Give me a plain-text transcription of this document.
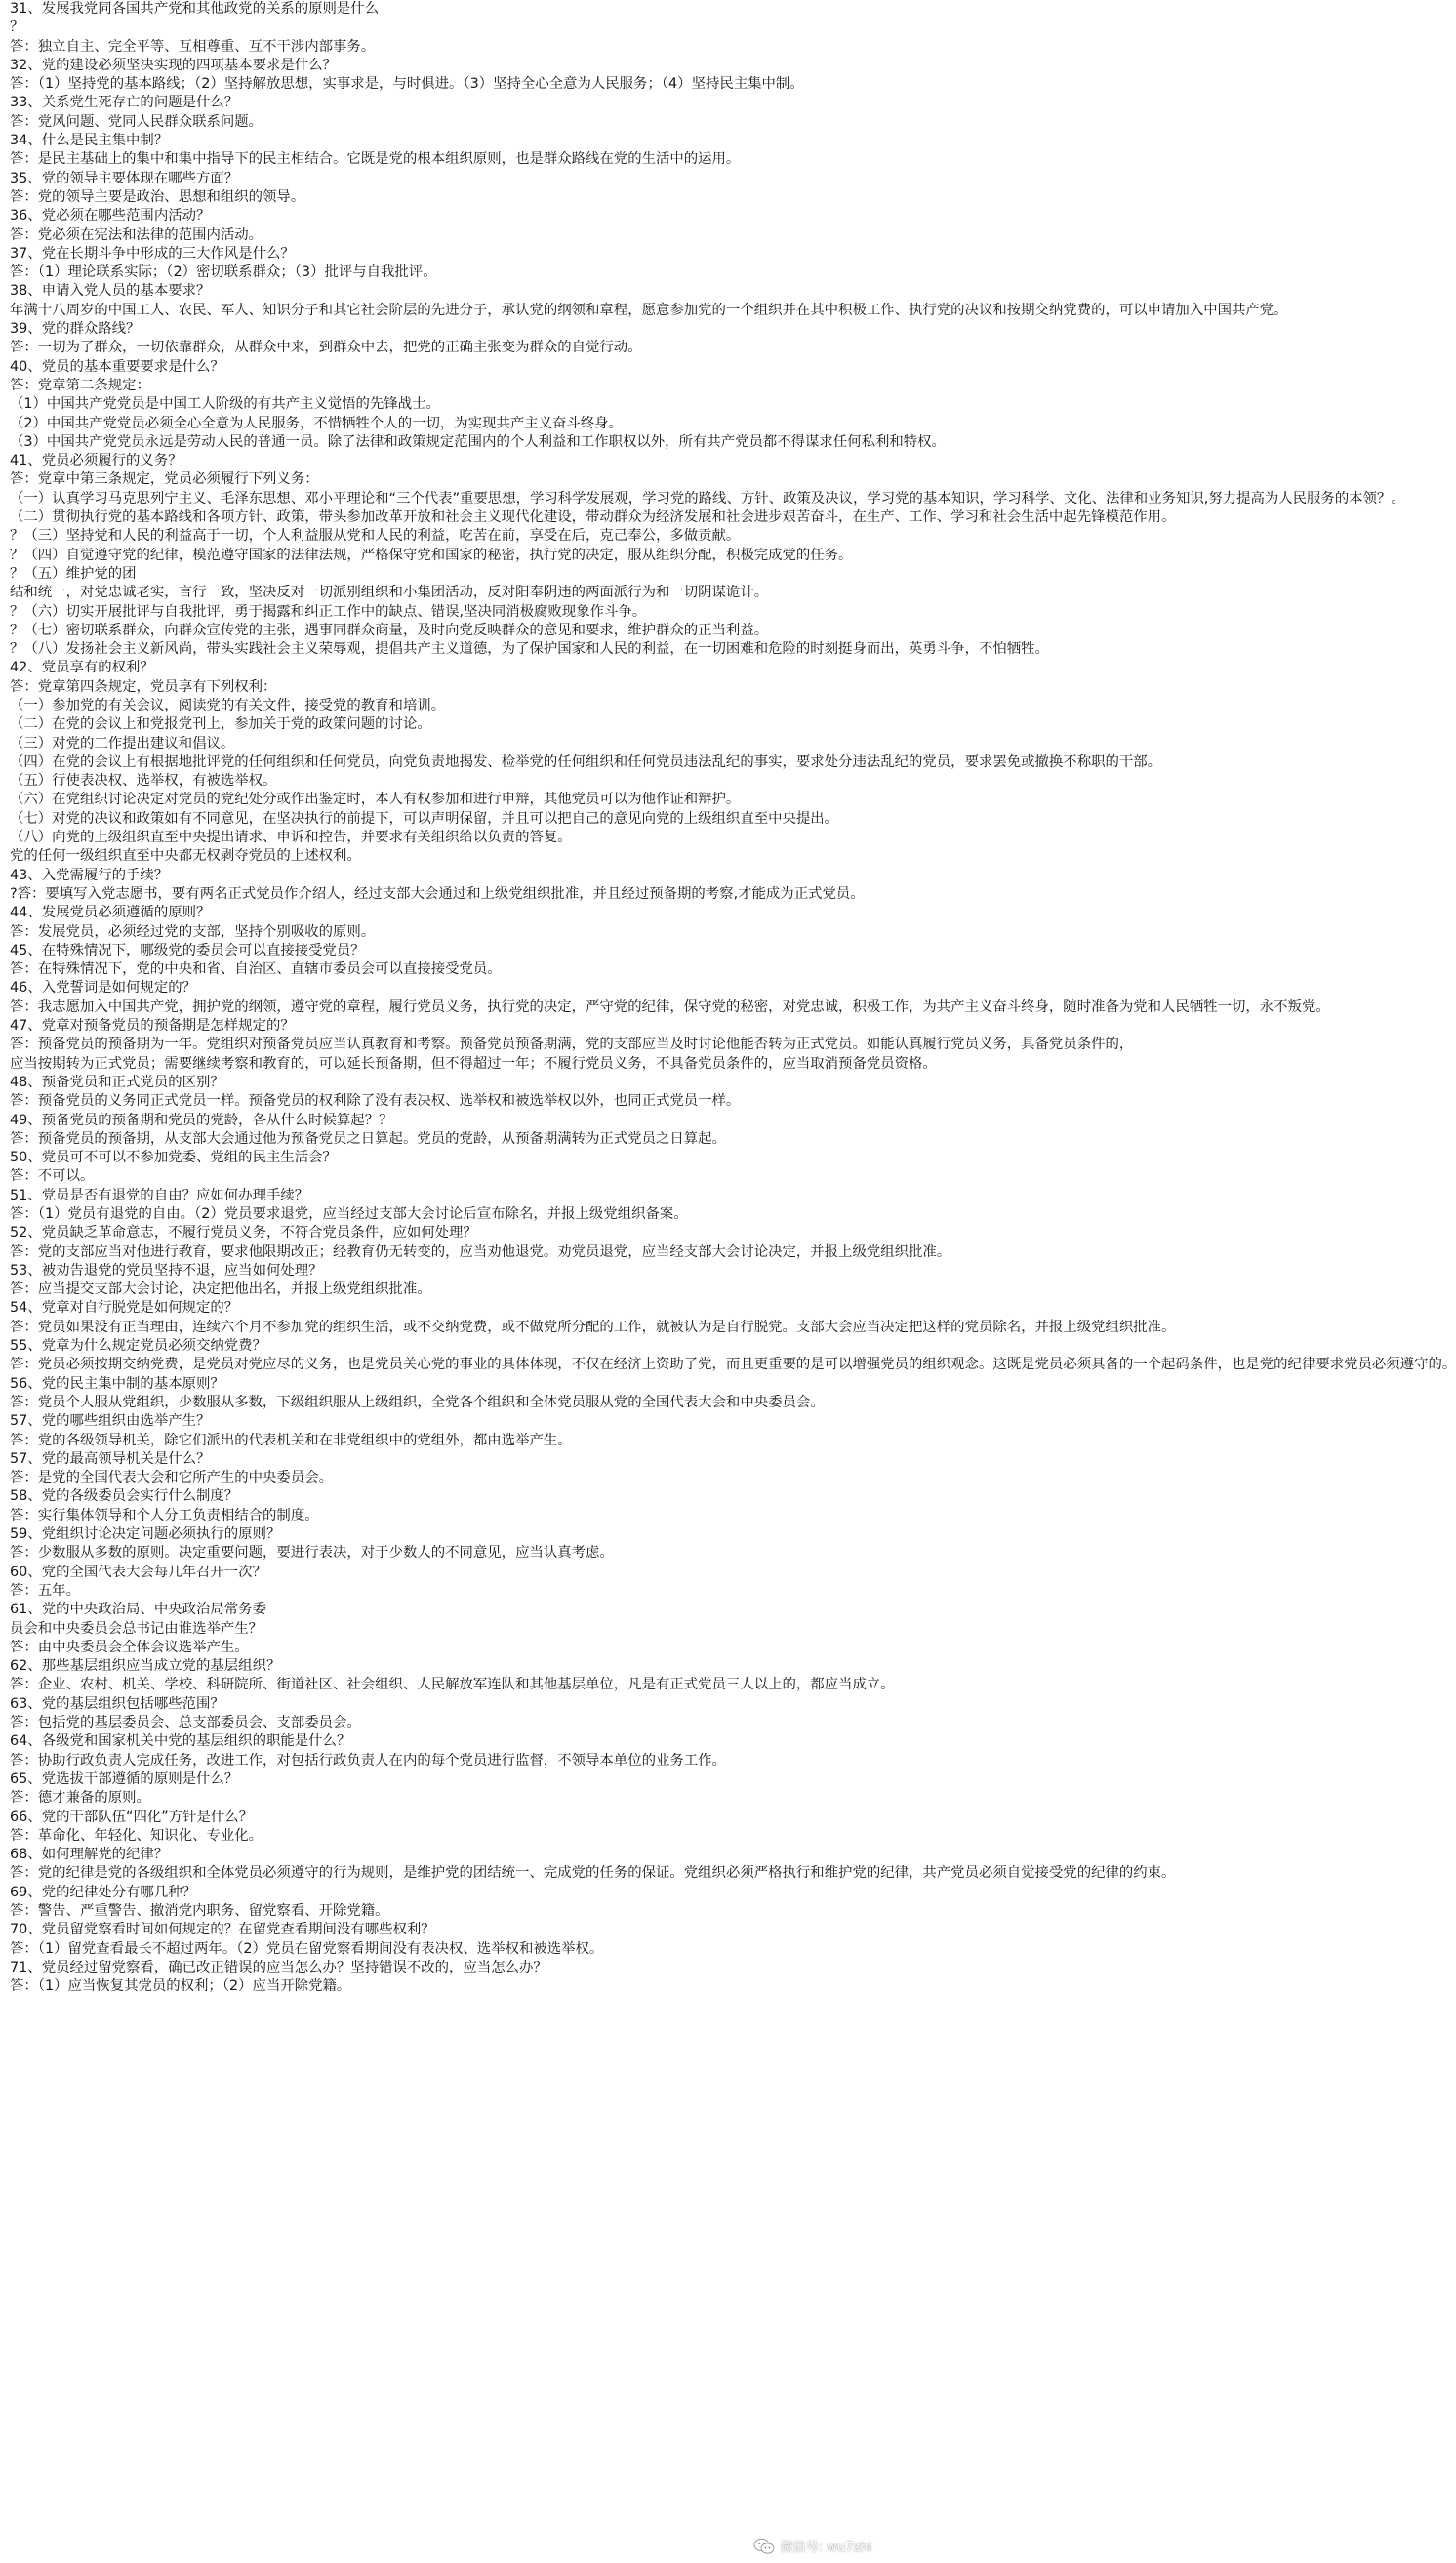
31、发展我党同各国共产党和其他政党的关系的原则是什么
？
答：独立自主、完全平等、互相尊重、互不干涉内部事务。
32、党的建设必须坚决实现的四项基本要求是什么？
答：（1）坚持党的基本路线；（2）坚持解放思想，实事求是，与时俱进。（3）坚持全心全意为人民服务；（4）坚持民主集中制。
33、关系党生死存亡的问题是什么？
答：党风问题、党同人民群众联系问题。
34、什么是民主集中制？
答：是民主基础上的集中和集中指导下的民主相结合。它既是党的根本组织原则，也是群众路线在党的生活中的运用。
35、党的领导主要体现在哪些方面？
答：党的领导主要是政治、思想和组织的领导。
36、党必须在哪些范围内活动？
答：党必须在宪法和法律的范围内活动。
37、党在长期斗争中形成的三大作风是什么？
答：（1）理论联系实际；（2）密切联系群众；（3）批评与自我批评。
38、申请入党人员的基本要求？
年满十八周岁的中国工人、农民、军人、知识分子和其它社会阶层的先进分子，承认党的纲领和章程，愿意参加党的一个组织并在其中积极工作、执行党的决议和按期交纳党费的，可以申请加入中国共产党。
39、党的群众路线？
答：一切为了群众，一切依靠群众，从群众中来，到群众中去，把党的正确主张变为群众的自觉行动。
40、党员的基本重要要求是什么？
答：党章第二条规定：
（1）中国共产党党员是中国工人阶级的有共产主义觉悟的先锋战士。
（2）中国共产党党员必须全心全意为人民服务，不惜牺牲个人的一切，为实现共产主义奋斗终身。
（3）中国共产党党员永远是劳动人民的普通一员。除了法律和政策规定范围内的个人利益和工作职权以外，所有共产党员都不得谋求任何私利和特权。
41、党员必须履行的义务？
答：党章中第三条规定，党员必须履行下列义务：
（一）认真学习马克思列宁主义、毛泽东思想、邓小平理论和“三个代表”重要思想，学习科学发展观，学习党的路线、方针、政策及决议，学习党的基本知识，学习科学、文化、法律和业务知识,努力提高为人民服务的本领？。
（二）贯彻执行党的基本路线和各项方针、政策，带头参加改革开放和社会主义现代化建设，带动群众为经济发展和社会进步艰苦奋斗，在生产、工作、学习和社会生活中起先锋模范作用。
？（三）坚持党和人民的利益高于一切，个人利益服从党和人民的利益，吃苦在前，享受在后，克己奉公，多做贡献。
？（四）自觉遵守党的纪律，模范遵守国家的法律法规，严格保守党和国家的秘密，执行党的决定，服从组织分配，积极完成党的任务。
？（五）维护党的团
结和统一，对党忠诚老实，言行一致，坚决反对一切派别组织和小集团活动，反对阳奉阴违的两面派行为和一切阴谋诡计。
？（六）切实开展批评与自我批评，勇于揭露和纠正工作中的缺点、错误,坚决同消极腐败现象作斗争。
？（七）密切联系群众，向群众宣传党的主张，遇事同群众商量，及时向党反映群众的意见和要求，维护群众的正当利益。
？（八）发扬社会主义新风尚，带头实践社会主义荣辱观，提倡共产主义道德，为了保护国家和人民的利益，在一切困难和危险的时刻挺身而出，英勇斗争，不怕牺牲。
42、党员享有的权利？
答：党章第四条规定，党员享有下列权利：
（一）参加党的有关会议，阅读党的有关文件，接受党的教育和培训。
（二）在党的会议上和党报党刊上，参加关于党的政策问题的讨论。
（三）对党的工作提出建议和倡议。
（四）在党的会议上有根据地批评党的任何组织和任何党员，向党负责地揭发、检举党的任何组织和任何党员违法乱纪的事实，要求处分违法乱纪的党员，要求罢免或撤换不称职的干部。
（五）行使表决权、选举权，有被选举权。
（六）在党组织讨论决定对党员的党纪处分或作出鉴定时，本人有权参加和进行申辩，其他党员可以为他作证和辩护。
（七）对党的决议和政策如有不同意见，在坚决执行的前提下，可以声明保留，并且可以把自己的意见向党的上级组织直至中央提出。
（八）向党的上级组织直至中央提出请求、申诉和控告，并要求有关组织给以负责的答复。
党的任何一级组织直至中央都无权剥夺党员的上述权利。
43、入党需履行的手续？
?答：要填写入党志愿书，要有两名正式党员作介绍人，经过支部大会通过和上级党组织批准，并且经过预备期的考察,才能成为正式党员。
44、发展党员必须遵循的原则？
答：发展党员，必须经过党的支部，坚持个别吸收的原则。
45、在特殊情况下，哪级党的委员会可以直接接受党员？
答：在特殊情况下，党的中央和省、自治区、直辖市委员会可以直接接受党员。
46、入党誓词是如何规定的？
答：我志愿加入中国共产党，拥护党的纲领，遵守党的章程，履行党员义务，执行党的决定，严守党的纪律，保守党的秘密，对党忠诚，积极工作，为共产主义奋斗终身，随时准备为党和人民牺牲一切，永不叛党。
47、党章对预备党员的预备期是怎样规定的？
答：预备党员的预备期为一年。党组织对预备党员应当认真教育和考察。预备党员预备期满，党的支部应当及时讨论他能否转为正式党员。如能认真履行党员义务，具备党员条件的，
应当按期转为正式党员；需要继续考察和教育的，可以延长预备期，但不得超过一年；不履行党员义务，不具备党员条件的，应当取消预备党员资格。
48、预备党员和正式党员的区别？
答：预备党员的义务同正式党员一样。预备党员的权利除了没有表决权、选举权和被选举权以外，也同正式党员一样。
49、预备党员的预备期和党员的党龄，各从什么时候算起？？
答：预备党员的预备期，从支部大会通过他为预备党员之日算起。党员的党龄，从预备期满转为正式党员之日算起。
50、党员可不可以不参加党委、党组的民主生活会？
答：不可以。
51、党员是否有退党的自由？应如何办理手续？
答：（1）党员有退党的自由。（2）党员要求退党，应当经过支部大会讨论后宣布除名，并报上级党组织备案。
52、党员缺乏革命意志，不履行党员义务，不符合党员条件，应如何处理？
答：党的支部应当对他进行教育，要求他限期改正；经教育仍无转变的，应当劝他退党。劝党员退党，应当经支部大会讨论决定，并报上级党组织批准。
53、被劝告退党的党员坚持不退，应当如何处理？
答：应当提交支部大会讨论，决定把他出名，并报上级党组织批准。
54、党章对自行脱党是如何规定的？
答：党员如果没有正当理由，连续六个月不参加党的组织生活，或不交纳党费，或不做党所分配的工作，就被认为是自行脱党。支部大会应当决定把这样的党员除名，并报上级党组织批准。
55、党章为什么规定党员必须交纳党费？
答：党员必须按期交纳党费，是党员对党应尽的义务，也是党员关心党的事业的具体体现，不仅在经济上资助了党，而且更重要的是可以增强党员的组织观念。这既是党员必须具备的一个起码条件，也是党的纪律要求党员必须遵守的。
56、党的民主集中制的基本原则？
答：党员个人服从党组织，少数服从多数，下级组织服从上级组织，全党各个组织和全体党员服从党的全国代表大会和中央委员会。
57、党的哪些组织由选举产生？
答：党的各级领导机关，除它们派出的代表机关和在非党组织中的党组外，都由选举产生。
57、党的最高领导机关是什么？
答：是党的全国代表大会和它所产生的中央委员会。
58、党的各级委员会实行什么制度？
答：实行集体领导和个人分工负责相结合的制度。
59、党组织讨论决定问题必须执行的原则？
答：少数服从多数的原则。决定重要问题，要进行表决，对于少数人的不同意见，应当认真考虑。
60、党的全国代表大会每几年召开一次？
答：五年。
61、党的中央政治局、中央政治局常务委
员会和中央委员会总书记由谁选举产生？
答：由中央委员会全体会议选举产生。
62、那些基层组织应当成立党的基层组织？
答：企业、农村、机关、学校、科研院所、街道社区、社会组织、人民解放军连队和其他基层单位，凡是有正式党员三人以上的，都应当成立。
63、党的基层组织包括哪些范围？
答：包括党的基层委员会、总支部委员会、支部委员会。
64、各级党和国家机关中党的基层组织的职能是什么？
答：协助行政负责人完成任务，改进工作，对包括行政负责人在内的每个党员进行监督，不领导本单位的业务工作。
65、党选拔干部遵循的原则是什么？
答：德才兼备的原则。
66、党的干部队伍“四化”方针是什么？
答：革命化、年轻化、知识化、专业化。
68、如何理解党的纪律？
答：党的纪律是党的各级组织和全体党员必须遵守的行为规则，是维护党的团结统一、完成党的任务的保证。党组织必须严格执行和维护党的纪律，共产党员必须自觉接受党的纪律的约束。
69、党的纪律处分有哪几种？
答：警告、严重警告、撤消党内职务、留党察看、开除党籍。
70、党员留党察看时间如何规定的？在留党查看期间没有哪些权利？
答：（1）留党查看最长不超过两年。（2）党员在留党察看期间没有表决权、选举权和被选举权。
71、党员经过留党察看，确已改正错误的应当怎么办？坚持错误不改的，应当怎么办？
答：（1）应当恢复其党员的权利；（2）应当开除党籍。
微信号: wu7zhi
